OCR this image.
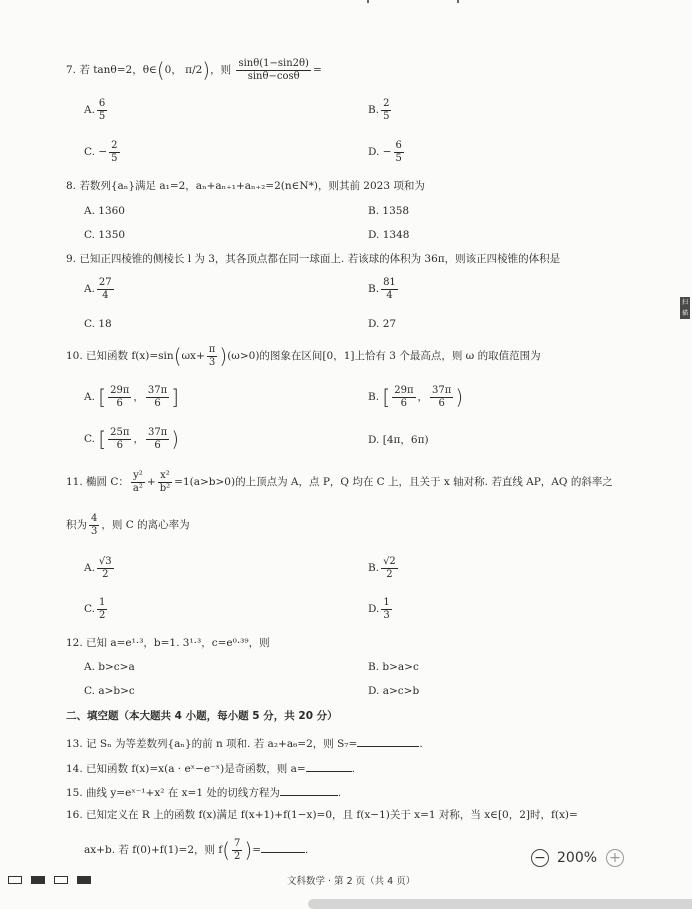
7. 若 tanθ=2，θ∈(0， π/2)，则 $\frac{\sin\theta(1-\sin 2\theta)}{\sin\theta-\cos\theta}$ =
A. $\frac{6}{5}$	B. $\frac{2}{5}$
C. − $\frac{2}{5}$	D. − $\frac{6}{5}$
8. 若数列{aₙ}满足 a₁=2，aₙ+aₙ₊₁+aₙ₊₂=2(n∈N*)，则其前 2023 项和为
A. 1360	B. 1358
C. 1350	D. 1348
9. 已知正四棱锥的侧棱长 l 为 3，其各顶点都在同一球面上. 若该球的体积为 36π，则该正四棱锥的体积是
A. $\frac{27}{4}$	B. $\frac{81}{4}$
C. 18	D. 27
10. 已知函数 $f(x)=\sin(\omega x+ \frac{\pi}{3} )(\omega>0)$的图象在区间[0，1]上恰有 3 个最高点，则 ω 的取值范围为
A. [ $\frac{29\pi}{6}$ ， $\frac{37\pi}{6}$ ]	B. [ $\frac{29\pi}{6}$ ， $\frac{37\pi}{6}$ )
C. [ $\frac{25\pi}{6}$ ， $\frac{37\pi}{6}$ )	D. [4π，6π)
11. 椭圆 C： $\frac{\text{y²}}{\text{a²}} + \frac{\text{x²}}{\text{b²}} =1(a>b>0)$的上顶点为 A，点 P，Q 均在 C 上，且关于 x 轴对称. 若直线 AP，AQ 的斜率之
积为 $\frac{4}{3}$ ，则 C 的离心率为
A. $\frac{√3}{2}$	B. $\frac{√2}{2}$
C. $\frac{1}{2}$	D. $\frac{1}{3}$
12. 已知 a=e¹·³，b=1. 3¹·³，c=e⁰·³⁹，则
A. b>c>a	B. b>a>c
C. a>b>c	D. a>c>b
二、填空题（本大题共 4 小题，每小题 5 分，共 20 分）
13. 记 Sₙ 为等差数列{aₙ}的前 n 项和. 若 a₂+a₆=2，则 S₇=	.
14. 已知函数 f(x)=x(a · eˣ−e⁻ˣ)是奇函数，则 a=	.
15. 曲线 y=eˣ⁻¹+x² 在 x=1 处的切线方程为	.
16. 已知定义在 R 上的函数 f(x)满足 f(x+1)+f(1−x)=0，且 f(x−1)关于 x=1 对称，当 x∈[0，2]时，f(x)=
ax+b. 若 f(0)+f(1)=2，则 $f( \frac{7}{2}$ )=	.
文科数学 · 第 2 页（共 4 页）
扫描
− 200% +
